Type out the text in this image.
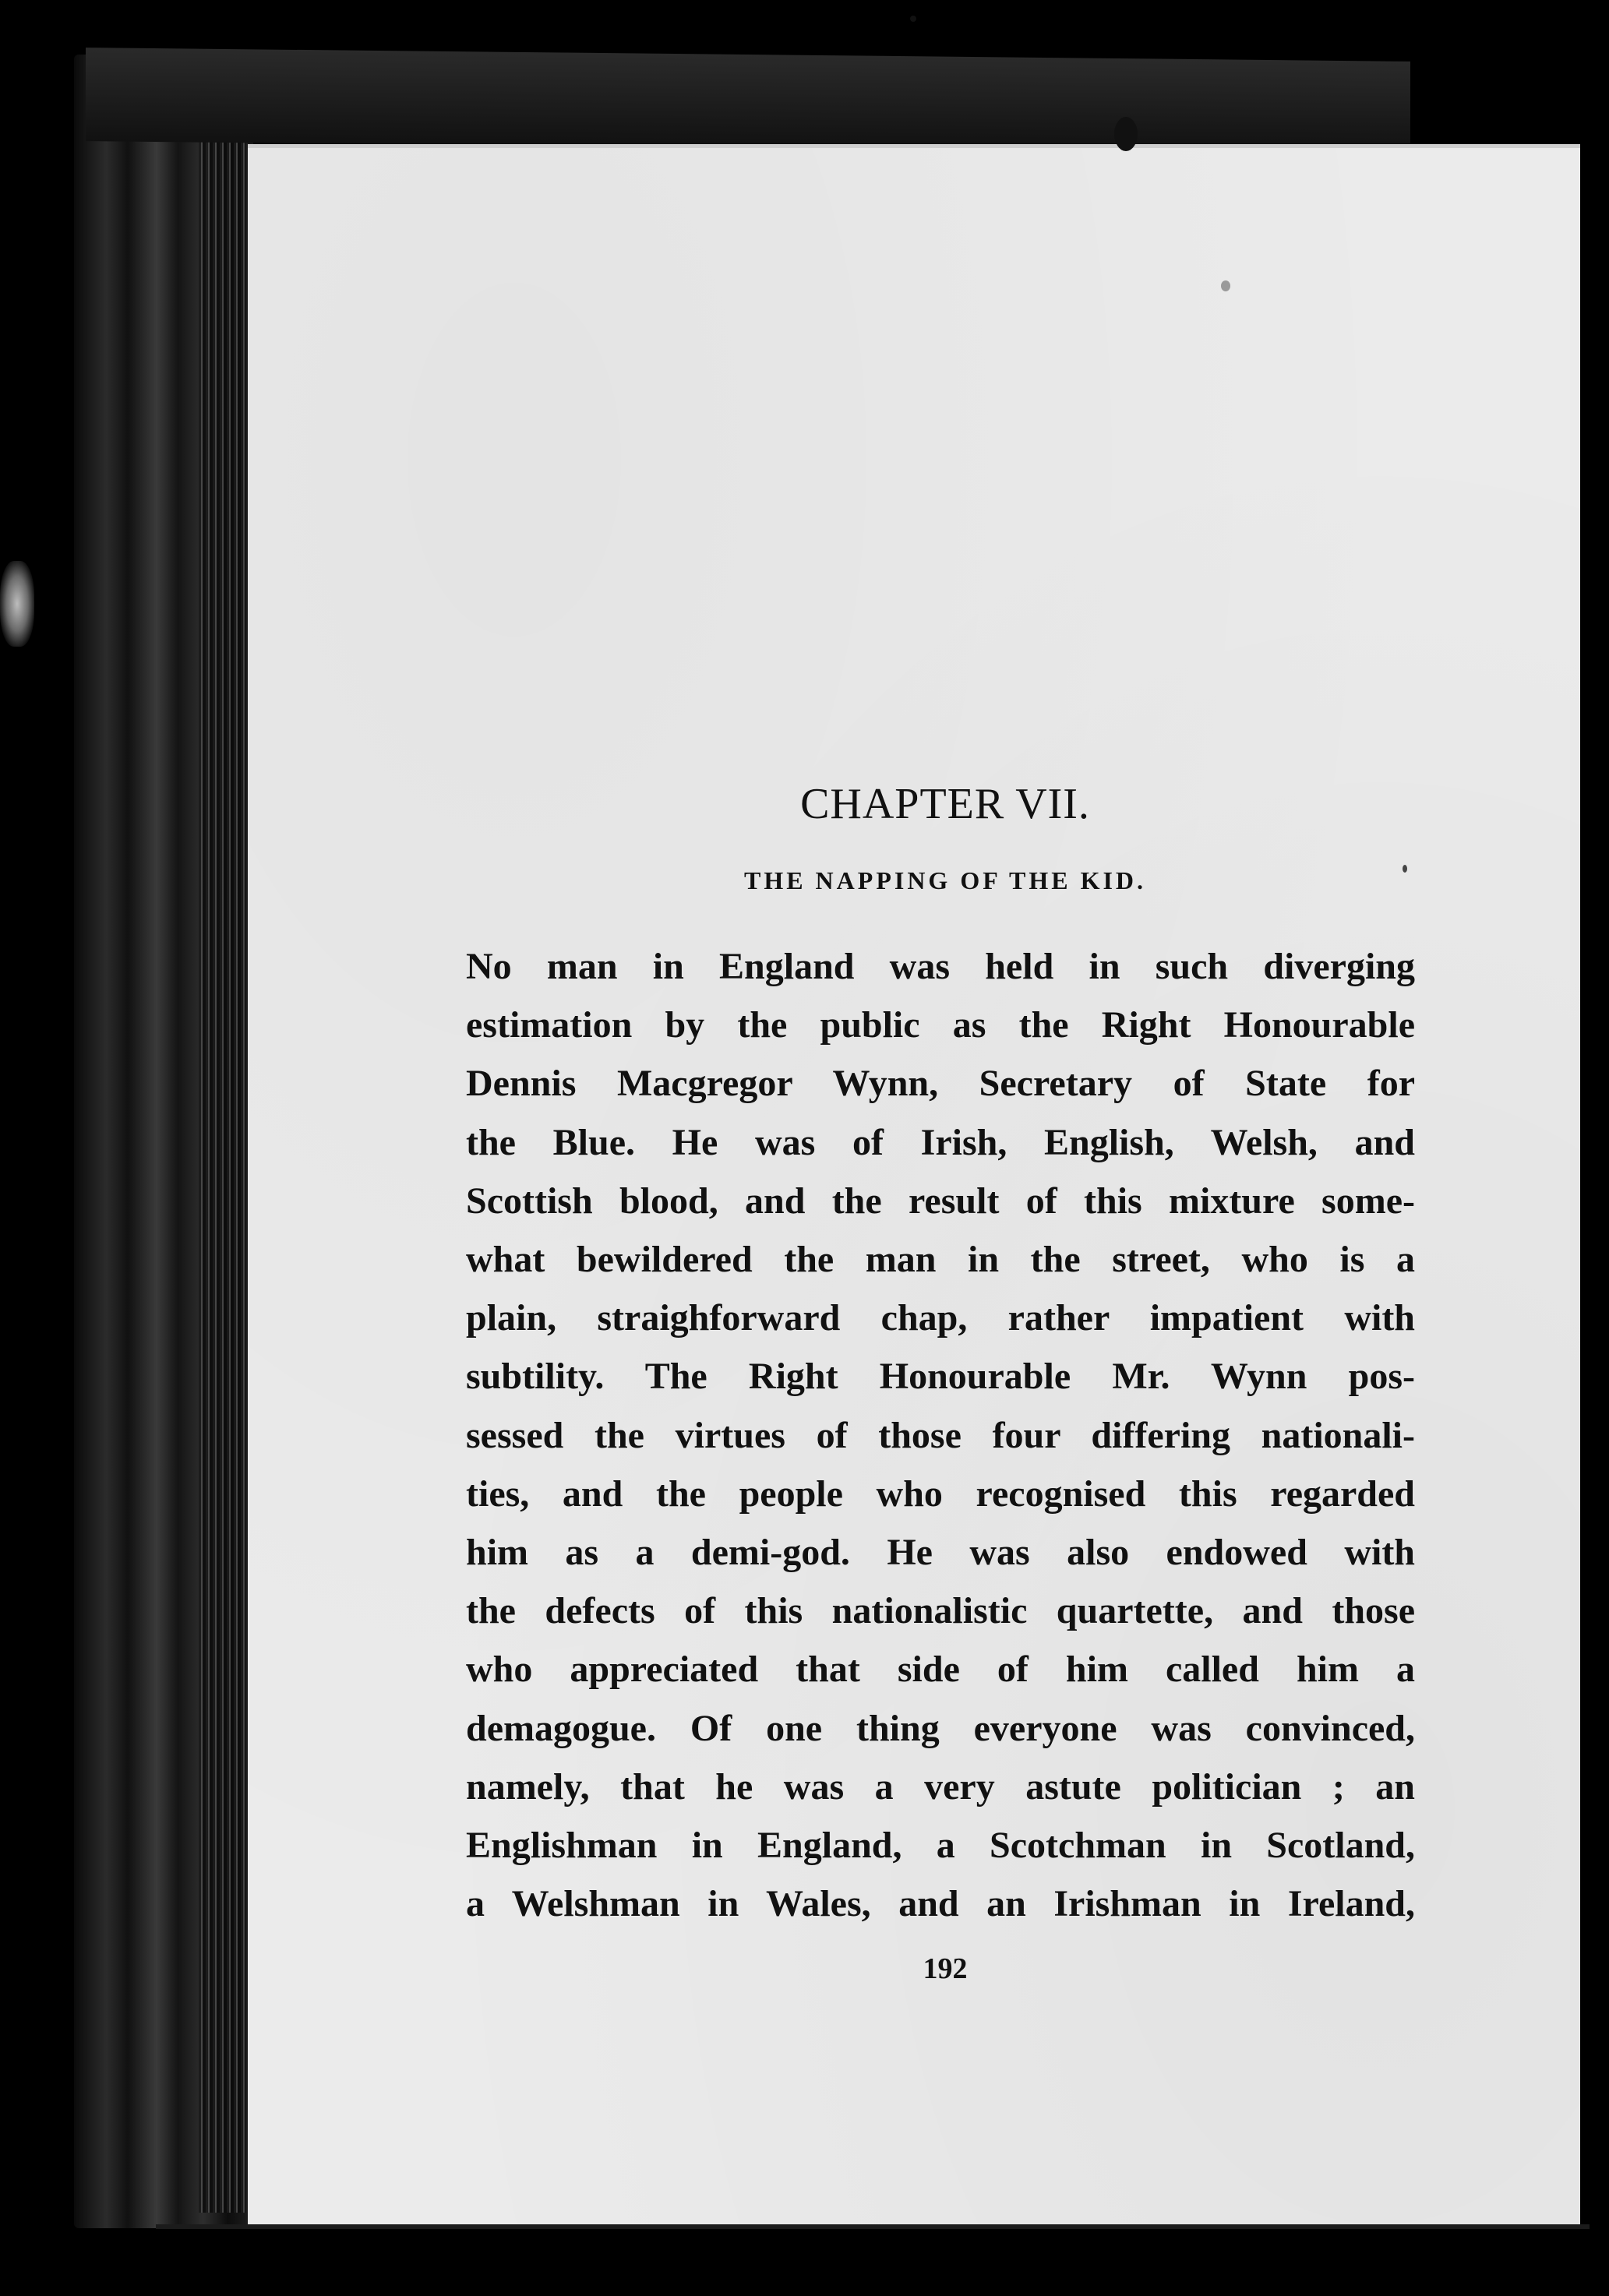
CHAPTER VII.
THE NAPPING OF THE KID.
No man in England was held in such diverging
estimation by the public as the Right Honourable
Dennis Macgregor Wynn, Secretary of State for
the Blue. He was of Irish, English, Welsh, and
Scottish blood, and the result of this mixture some-
what bewildered the man in the street, who is a
plain, straighforward chap, rather impatient with
subtility. The Right Honourable Mr. Wynn pos-
sessed the virtues of those four differing nationali-
ties, and the people who recognised this regarded
him as a demi-god. He was also endowed with
the defects of this nationalistic quartette, and those
who appreciated that side of him called him a
demagogue. Of one thing everyone was convinced,
namely, that he was a very astute politician ; an
Englishman in England, a Scotchman in Scotland,
a Welshman in Wales, and an Irishman in Ireland,
192
